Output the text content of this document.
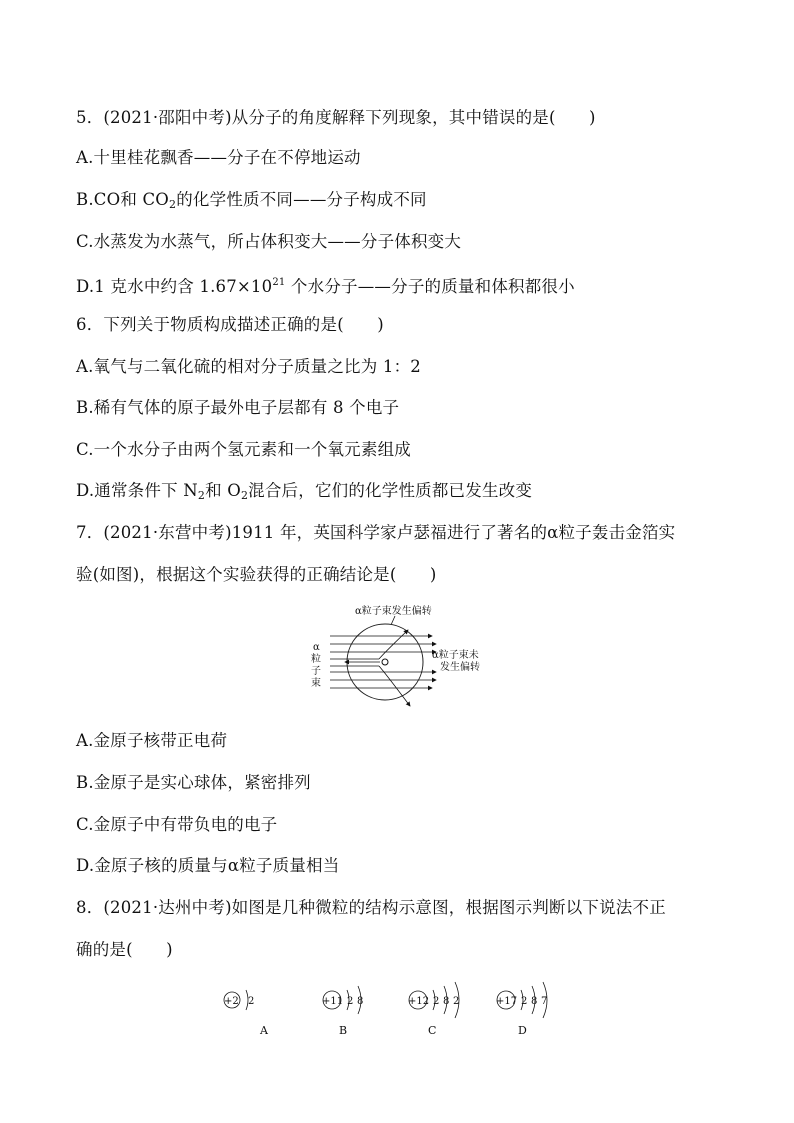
5．(2021·邵阳中考)从分子的角度解释下列现象，其中错误的是(　　)
A.十里桂花飘香——分子在不停地运动
B.CO和 $CO_2$的化学性质不同——分子构成不同
C.水蒸发为水蒸气，所占体积变大——分子体积变大
D.1 克水中约含 $1.67\times 10^{21}$ 个水分子——分子的质量和体积都很小
6．下列关于物质构成描述正确的是(　　)
A.氧气与二氧化硫的相对分子质量之比为 1：2
B.稀有气体的原子最外电子层都有 8 个电子
C.一个水分子由两个氢元素和一个氧元素组成
D.通常条件下 $N_2$和 $O_2$混合后，它们的化学性质都已发生改变
7．(2021·东营中考)1911 年，英国科学家卢瑟福进行了著名的α粒子轰击金箔实
验(如图)，根据这个实验获得的正确结论是(　　)
α粒子束发生偏转
α粒子束未
发生偏转
α
粒
子
束
A.金原子核带正电荷
B.金原子是实心球体，紧密排列
C.金原子中有带负电的电子
D.金原子核的质量与α粒子质量相当
8．(2021·达州中考)如图是几种微粒的结构示意图，根据图示判断以下说法不正
确的是(　　)
+2 2
A
+11 2 8
B
+12 2 8 2
C
+17 2 8 7
D
